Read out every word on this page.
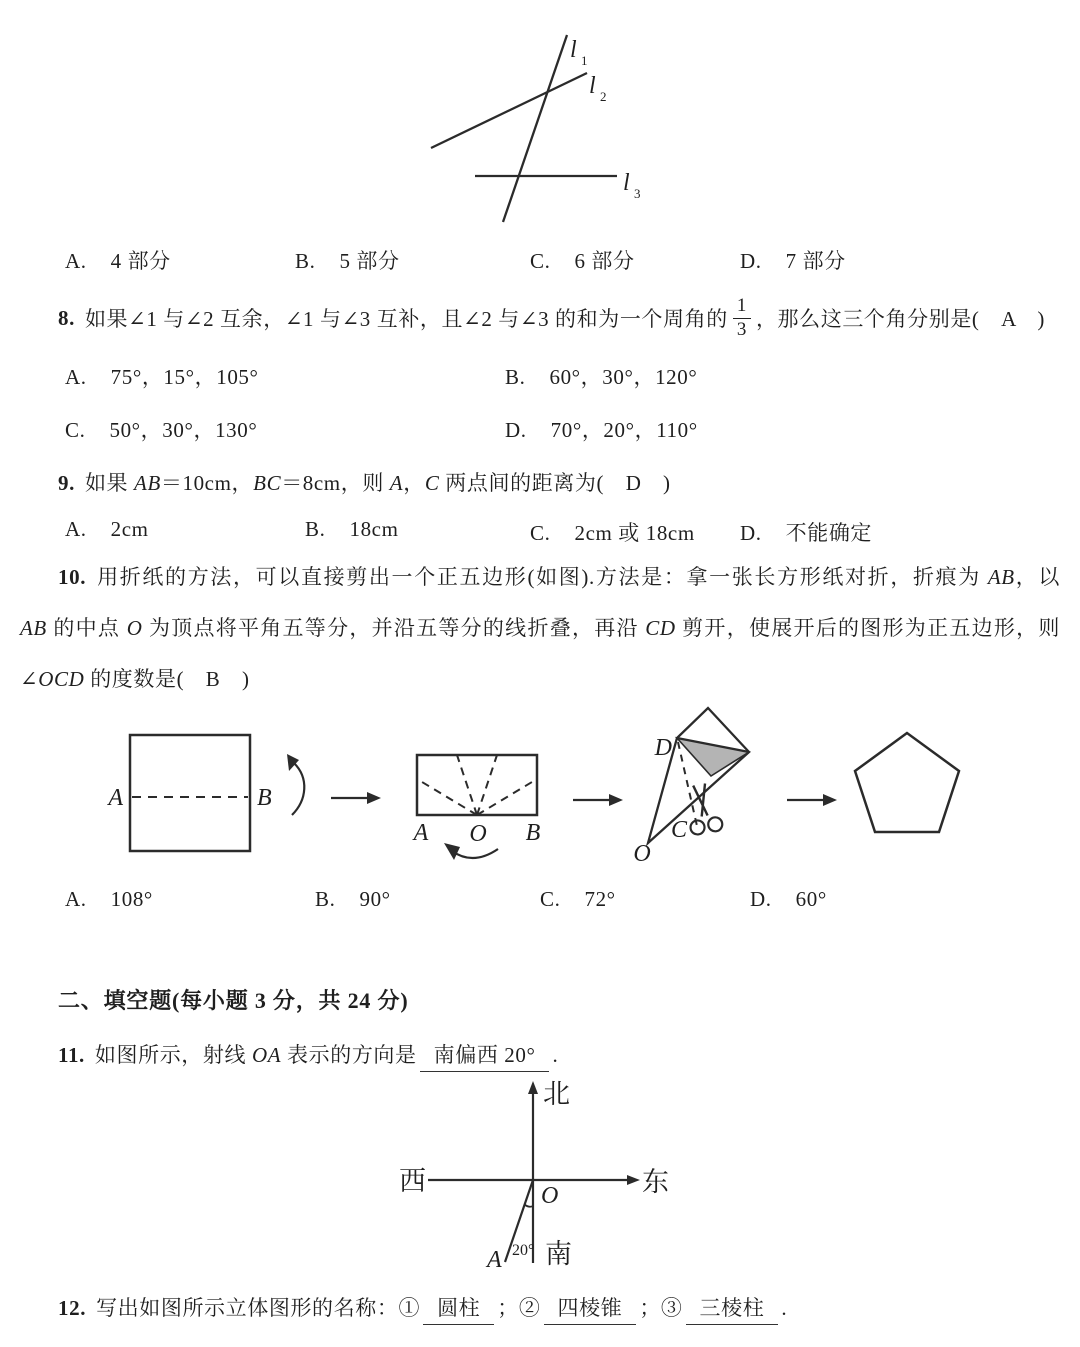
l 1
l 2
l 3
A. 4 部分	B. 5 部分	C. 6 部分	D. 7 部分
8. 如果∠1 与∠2 互余，∠1 与∠3 互补，且∠2 与∠3 的和为一个周角的 $\frac{1}{3}$ ，那么这三个角分别是(　A　)
A. 75°，15°，105°	B. 60°，30°，120°
C. 50°，30°，130°	D. 70°，20°，110°
9. 如果 AB＝10cm，BC＝8cm，则 A，C 两点间的距离为(　D　)
A. 2cm	B. 18cm	C. 2cm 或 18cm D. 不能确定
10. 用折纸的方法，可以直接剪出一个正五边形(如图).方法是：拿一张长方形纸对折，折痕为 AB，以
AB 的中点 O 为顶点将平角五等分，并沿五等分的线折叠，再沿 CD 剪开，使展开后的图形为正五边形，则
∠OCD 的度数是(　B　)
A	B
A O B
D
C
O
A. 108°	B. 90°	C. 72°	D. 60°
二、填空题(每小题 3 分，共 24 分)
11. 如图所示，射线 OA 表示的方向是 南偏西 20° .
北
西	东
南
O
A 20°
12. 写出如图所示立体图形的名称：① 圆柱 ；② 四棱锥 ；③ 三棱柱 .
